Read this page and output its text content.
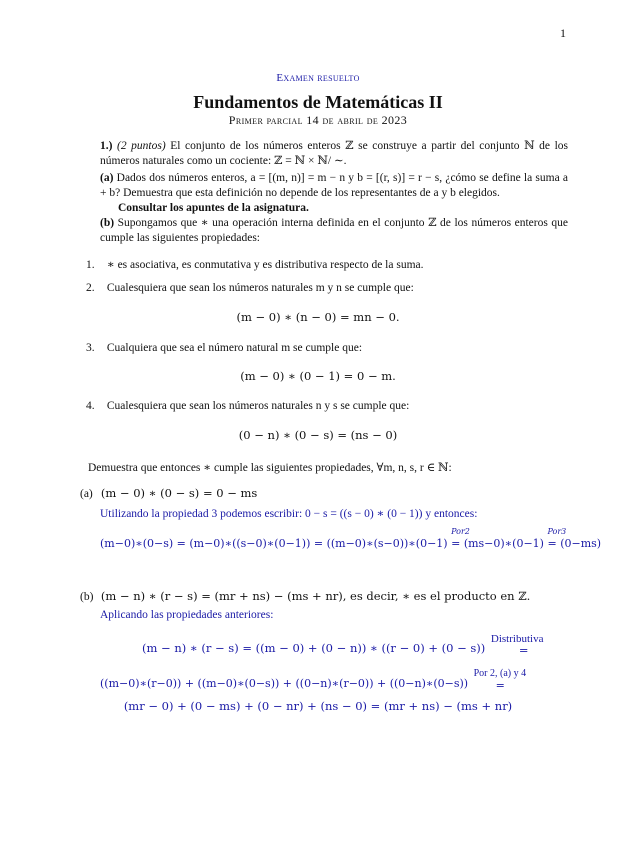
1
Examen resuelto
Fundamentos de Matemáticas II
Primer parcial 14 de abril de 2023
1.) (2 puntos) El conjunto de los números enteros ℤ se construye a partir del conjunto ℕ de los números naturales como un cociente: ℤ = ℕ × ℕ/ ∼.
(a) Dados dos números enteros, a = [(m, n)] = m − n y b = [(r, s)] = r − s, ¿cómo se define la suma a + b? Demuestra que esta definición no depende de los representantes de a y b elegidos.
Consultar los apuntes de la asignatura.
(b) Supongamos que ∗ una operación interna definida en el conjunto ℤ de los números enteros que cumple las siguientes propiedades:
1. ∗ es asociativa, es conmutativa y es distributiva respecto de la suma.
2. Cualesquiera que sean los números naturales m y n se cumple que:
(m − 0) ∗ (n − 0) = mn − 0.
3. Cualquiera que sea el número natural m se cumple que:
(m − 0) ∗ (0 − 1) = 0 − m.
4. Cualesquiera que sean los números naturales n y s se cumple que:
(0 − n) ∗ (0 − s) = (ns − 0)
Demuestra que entonces ∗ cumple las siguientes propiedades, ∀m, n, s, r ∈ ℕ:
(a) (m − 0) ∗ (0 − s) = 0 − ms
Utilizando la propiedad 3 podemos escribir: 0 − s = ((s − 0) ∗ (0 − 1)) y entonces:
(m−0)∗(0−s) = (m−0)∗((s−0)∗(0−1)) = ((m−0)∗(s−0))∗(0−1)
Por2
= (ms−0)∗(0−1)
Por3
= (0−ms)
(b) (m − n) ∗ (r − s) = (mr + ns) − (ms + nr), es decir, ∗ es el producto en ℤ.
Aplicando las propiedades anteriores:
(m − n) ∗ (r − s) = ((m − 0) + (0 − n)) ∗ ((r − 0) + (0 − s))
Distributiva
=
((m−0)∗(r−0)) + ((m−0)∗(0−s)) + ((0−n)∗(r−0)) + ((0−n)∗(0−s))
Por 2, (a) y 4
=
(mr − 0) + (0 − ms) + (0 − nr) + (ns − 0) = (mr + ns) − (ms + nr)
